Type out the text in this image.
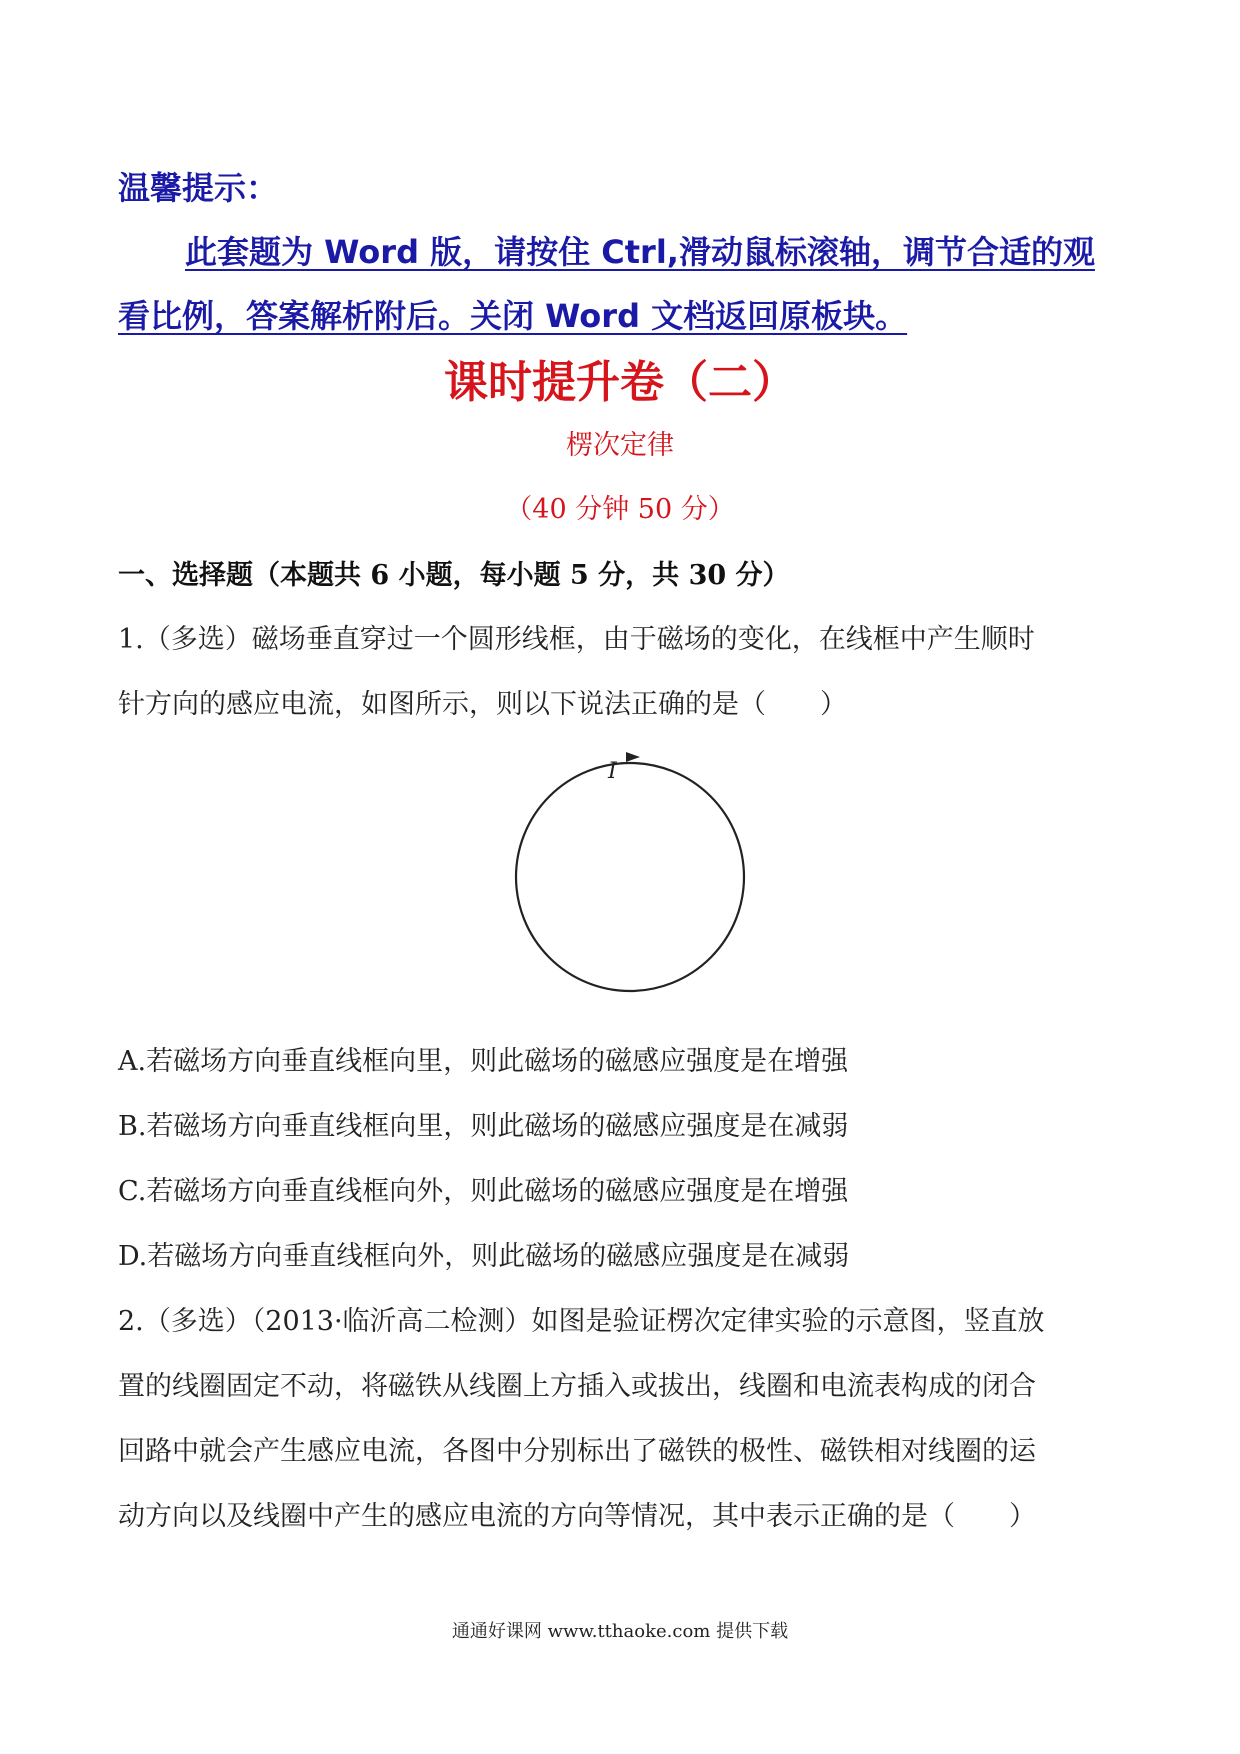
温馨提示：
此套题为 Word 版，请按住 Ctrl,滑动鼠标滚轴，调节合适的观
看比例，答案解析附后。关闭 Word 文档返回原板块。
课时提升卷（二）
楞次定律
（40 分钟 50 分）
一、选择题（本题共 6 小题，每小题 5 分，共 30 分）
1.（多选）磁场垂直穿过一个圆形线框，由于磁场的变化，在线框中产生顺时
针方向的感应电流，如图所示，则以下说法正确的是（　　）
I
A.若磁场方向垂直线框向里，则此磁场的磁感应强度是在增强
B.若磁场方向垂直线框向里，则此磁场的磁感应强度是在减弱
C.若磁场方向垂直线框向外，则此磁场的磁感应强度是在增强
D.若磁场方向垂直线框向外，则此磁场的磁感应强度是在减弱
2.（多选）（2013·临沂高二检测）如图是验证楞次定律实验的示意图，竖直放
置的线圈固定不动，将磁铁从线圈上方插入或拔出，线圈和电流表构成的闭合
回路中就会产生感应电流，各图中分别标出了磁铁的极性、磁铁相对线圈的运
动方向以及线圈中产生的感应电流的方向等情况，其中表示正确的是（　　）
通通好课网 www.tthaoke.com 提供下载
